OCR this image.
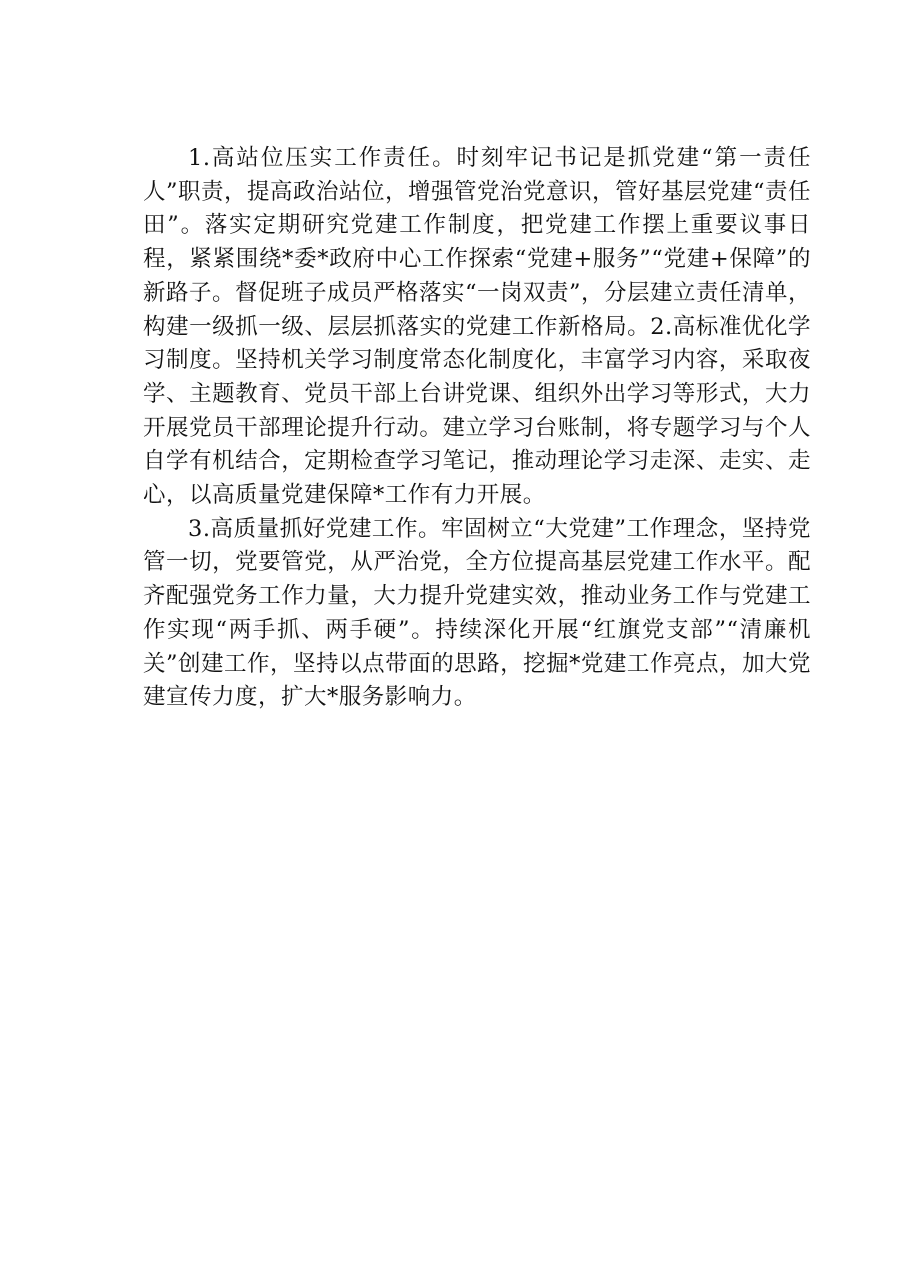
1.高站位压实工作责任。时刻牢记书记是抓党建“第一责任人”职责，提高政治站位，增强管党治党意识，管好基层党建“责任田”。落实定期研究党建工作制度，把党建工作摆上重要议事日程，紧紧围绕*委*政府中心工作探索“党建+服务”“党建+保障”的新路子。督促班子成员严格落实“一岗双责”，分层建立责任清单，构建一级抓一级、层层抓落实的党建工作新格局。2.高标准优化学习制度。坚持机关学习制度常态化制度化，丰富学习内容，采取夜学、主题教育、党员干部上台讲党课、组织外出学习等形式，大力开展党员干部理论提升行动。建立学习台账制，将专题学习与个人自学有机结合，定期检查学习笔记，推动理论学习走深、走实、走心，以高质量党建保障*工作有力开展。

3.高质量抓好党建工作。牢固树立“大党建”工作理念，坚持党管一切，党要管党，从严治党，全方位提高基层党建工作水平。配齐配强党务工作力量，大力提升党建实效，推动业务工作与党建工作实现“两手抓、两手硬”。持续深化开展“红旗党支部”“清廉机关”创建工作，坚持以点带面的思路，挖掘*党建工作亮点，加大党建宣传力度，扩大*服务影响力。
